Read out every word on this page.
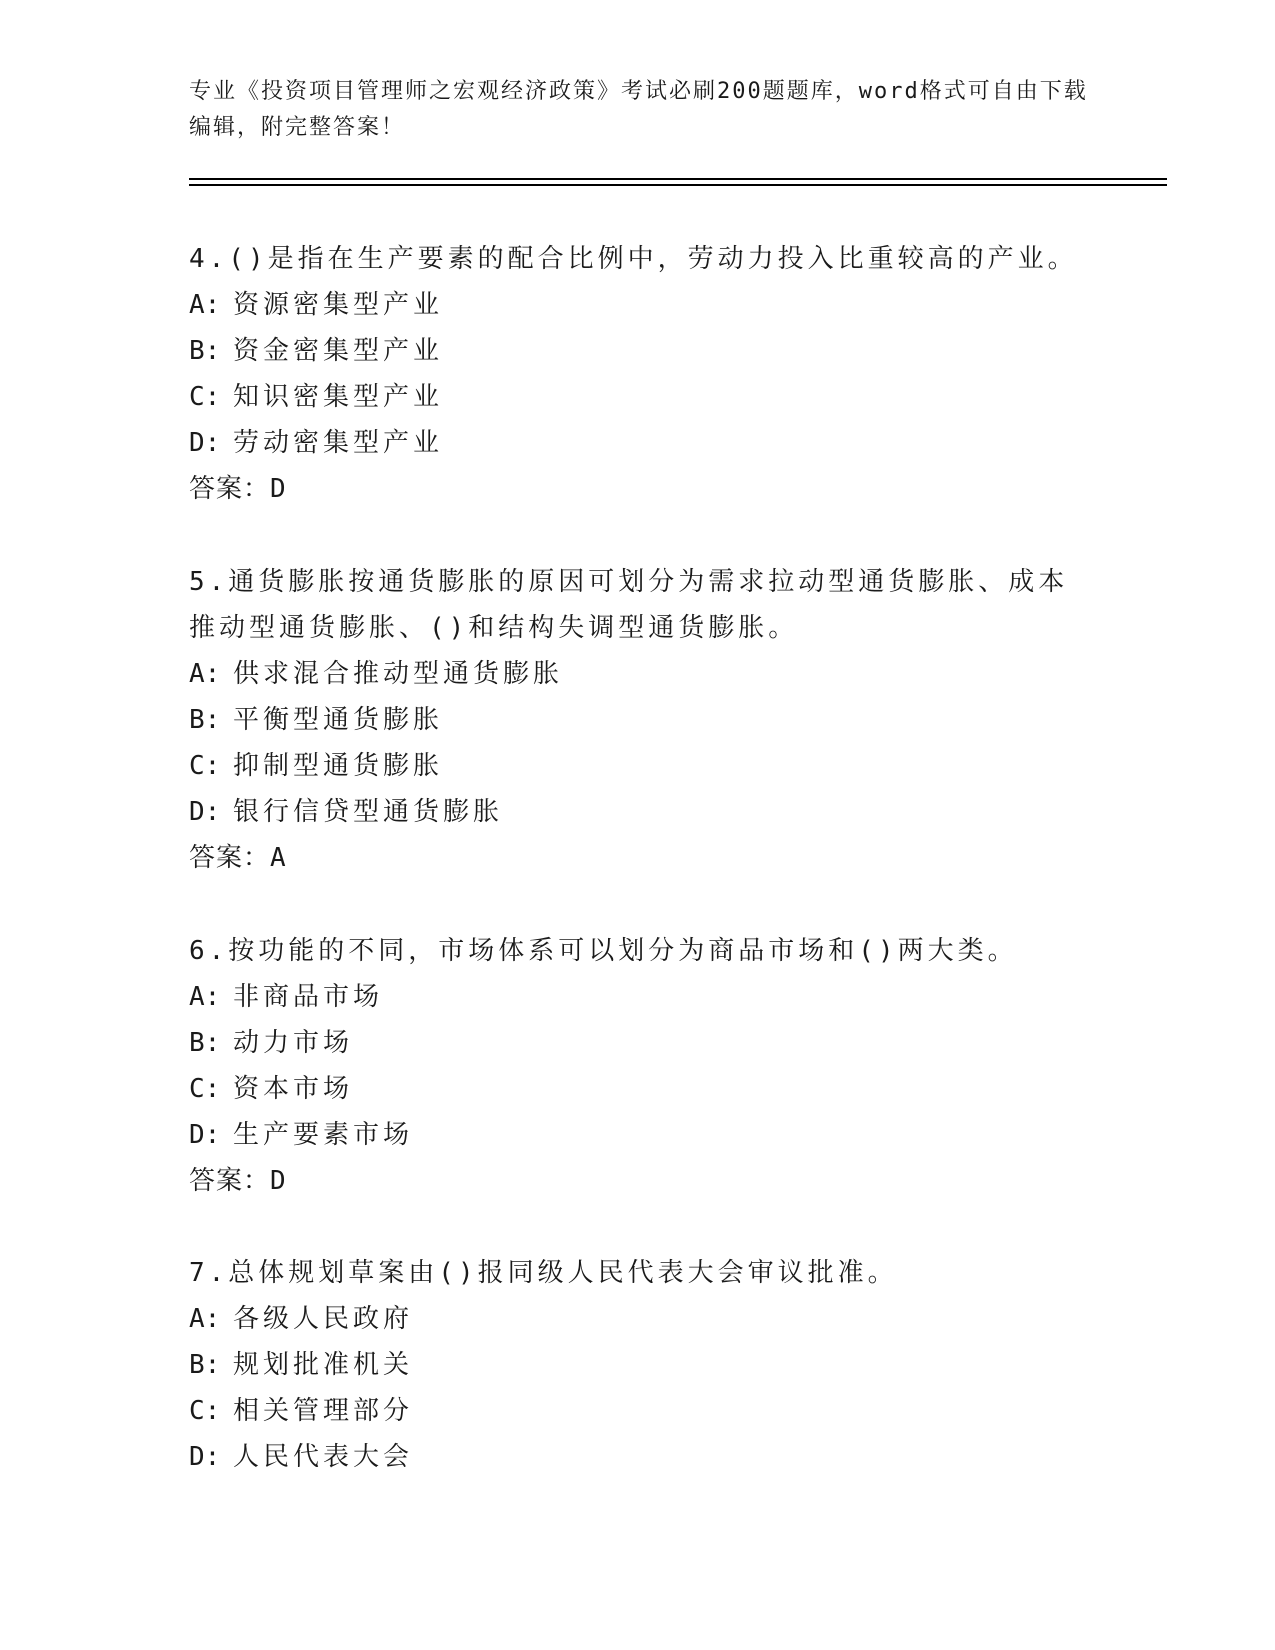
专业《投资项目管理师之宏观经济政策》考试必刷200题题库，word格式可自由下载编辑，附完整答案！

4.()是指在生产要素的配合比例中，劳动力投入比重较高的产业。

A: 资源密集型产业

B: 资金密集型产业

C: 知识密集型产业

D: 劳动密集型产业

答案：D

5.通货膨胀按通货膨胀的原因可划分为需求拉动型通货膨胀、成本推动型通货膨胀、()和结构失调型通货膨胀。

A: 供求混合推动型通货膨胀

B: 平衡型通货膨胀

C: 抑制型通货膨胀

D: 银行信贷型通货膨胀

答案：A

6.按功能的不同，市场体系可以划分为商品市场和()两大类。

A: 非商品市场

B: 动力市场

C: 资本市场

D: 生产要素市场

答案：D

7.总体规划草案由()报同级人民代表大会审议批准。

A: 各级人民政府

B: 规划批准机关

C: 相关管理部分

D: 人民代表大会
